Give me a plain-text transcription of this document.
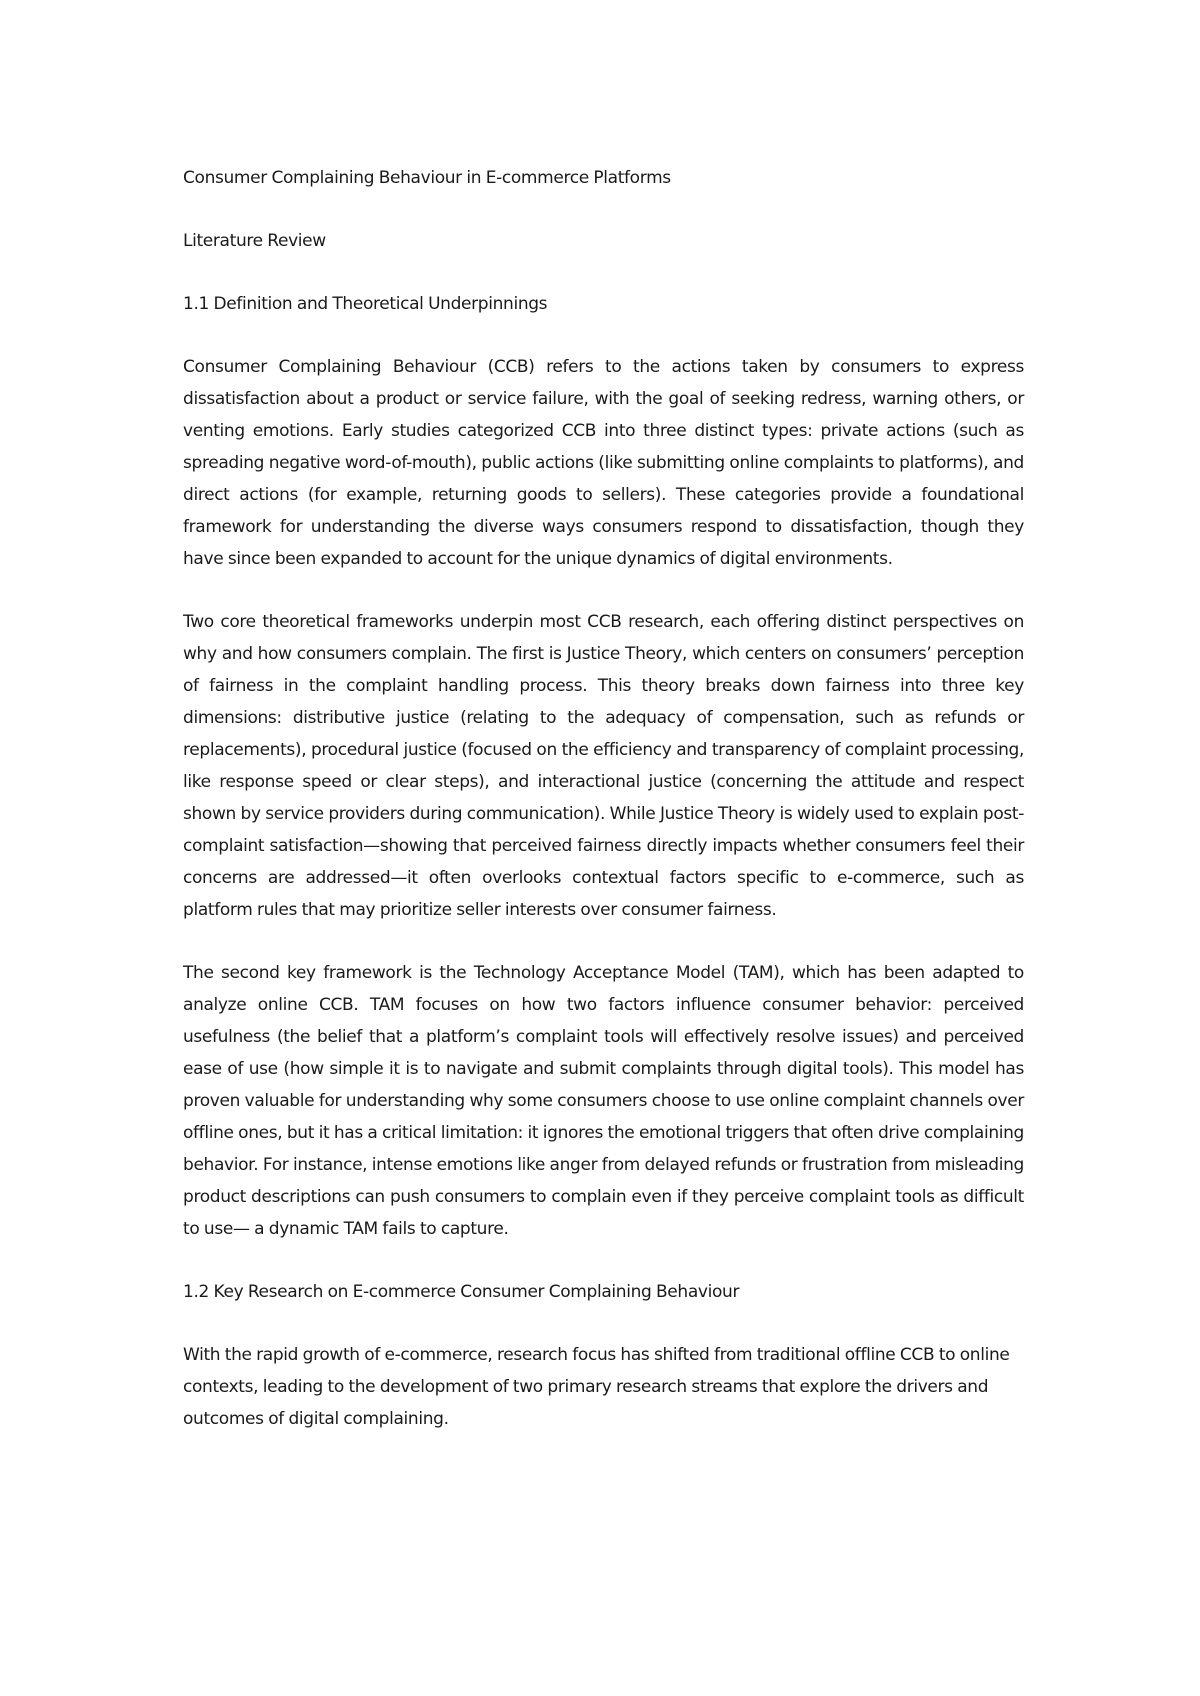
Consumer Complaining Behaviour in E-commerce Platforms

Literature Review

1.1 Definition and Theoretical Underpinnings

Consumer Complaining Behaviour (CCB) refers to the actions taken by consumers to express dissatisfaction about a product or service failure, with the goal of seeking redress, warning others, or venting emotions. Early studies categorized CCB into three distinct types: private actions (such as spreading negative word-of-mouth), public actions (like submitting online complaints to platforms), and direct actions (for example, returning goods to sellers). These categories provide a foundational framework for understanding the diverse ways consumers respond to dissatisfaction, though they have since been expanded to account for the unique dynamics of digital environments.

Two core theoretical frameworks underpin most CCB research, each offering distinct perspectives on why and how consumers complain. The first is Justice Theory, which centers on consumers’ perception of fairness in the complaint handling process. This theory breaks down fairness into three key dimensions: distributive justice (relating to the adequacy of compensation, such as refunds or replacements), procedural justice (focused on the efficiency and transparency of complaint processing, like response speed or clear steps), and interactional justice (concerning the attitude and respect shown by service providers during communication). While Justice Theory is widely used to explain post-complaint satisfaction—showing that perceived fairness directly impacts whether consumers feel their concerns are addressed—it often overlooks contextual factors specific to e-commerce, such as platform rules that may prioritize seller interests over consumer fairness.

The second key framework is the Technology Acceptance Model (TAM), which has been adapted to analyze online CCB. TAM focuses on how two factors influence consumer behavior: perceived usefulness (the belief that a platform’s complaint tools will effectively resolve issues) and perceived ease of use (how simple it is to navigate and submit complaints through digital tools). This model has proven valuable for understanding why some consumers choose to use online complaint channels over offline ones, but it has a critical limitation: it ignores the emotional triggers that often drive complaining behavior. For instance, intense emotions like anger from delayed refunds or frustration from misleading product descriptions can push consumers to complain even if they perceive complaint tools as difficult to use— a dynamic TAM fails to capture.

1.2 Key Research on E-commerce Consumer Complaining Behaviour

With the rapid growth of e-commerce, research focus has shifted from traditional offline CCB to online contexts, leading to the development of two primary research streams that explore the drivers and outcomes of digital complaining.
